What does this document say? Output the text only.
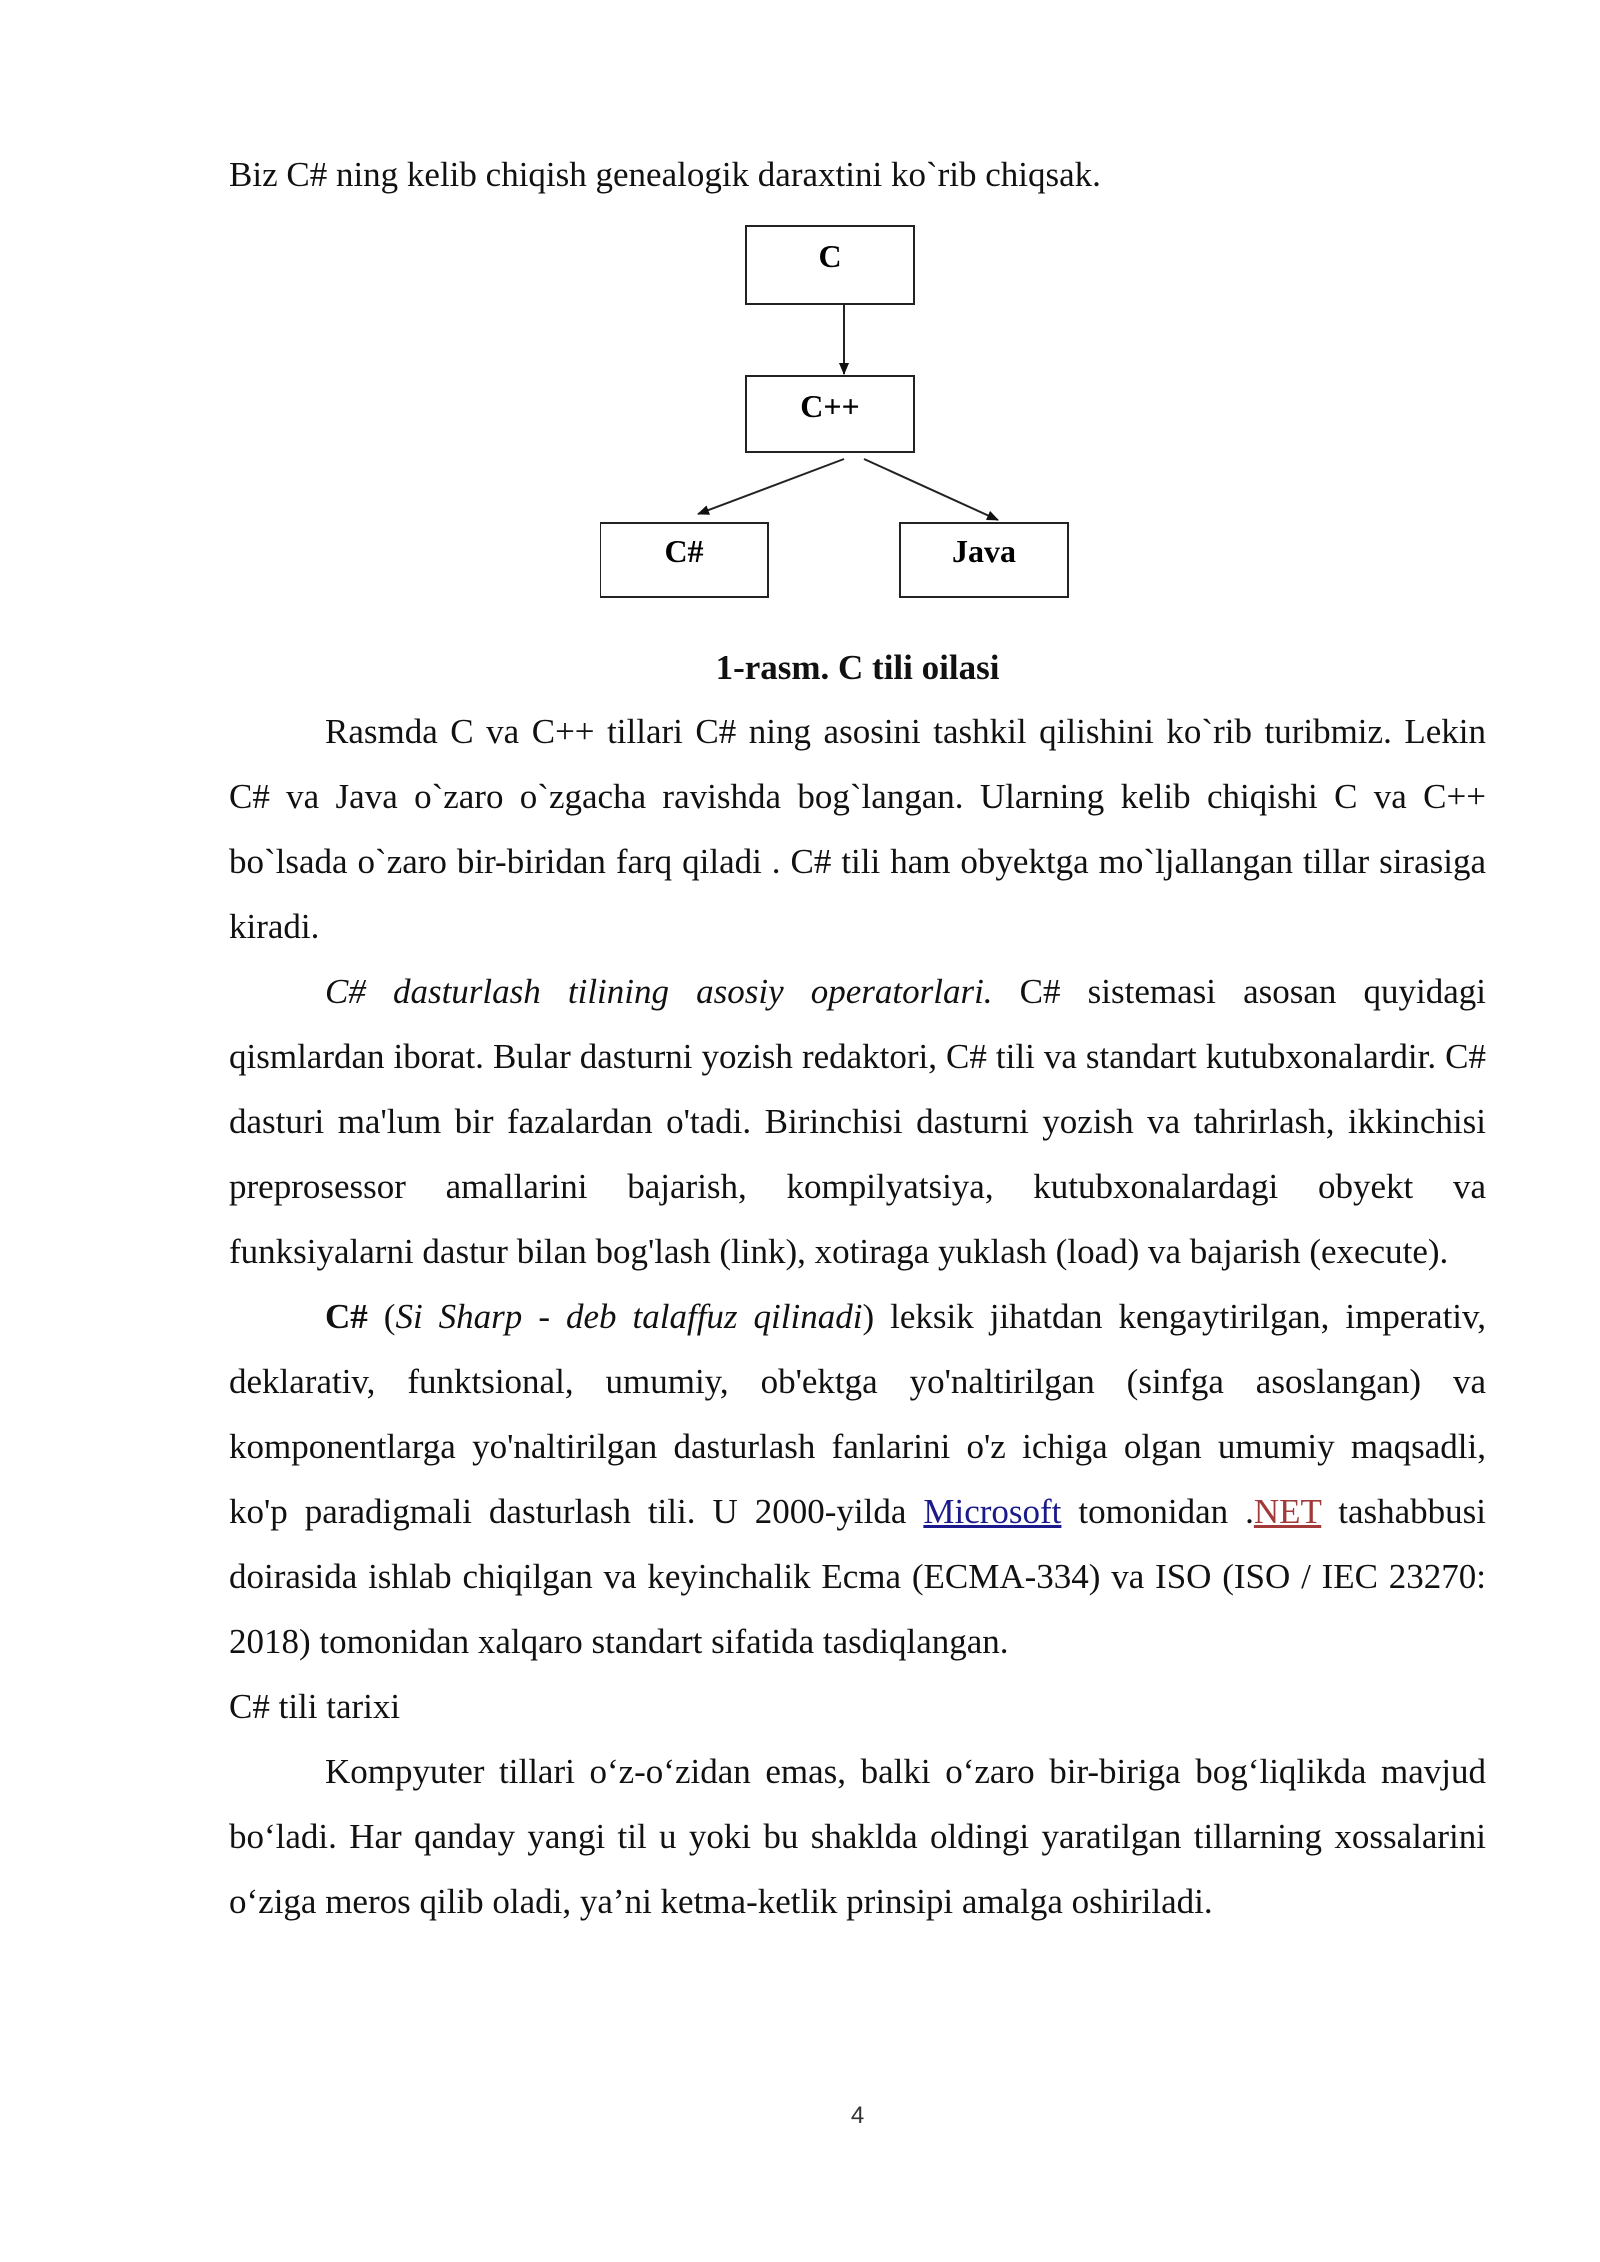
Biz C# ning kelib chiqish genealogik daraxtini ko`rib chiqsak.
C
C++
C#	Java
1-rasm. C tili oilasi

Rasmda C va C++ tillari C# ning asosini tashkil qilishini ko`rib turibmiz. Lekin C# va Java o`zaro o`zgacha ravishda bog`langan. Ularning kelib chiqishi C va C++ bo`lsada o`zaro bir-biridan farq qiladi . C# tili ham obyektga mo`ljallangan tillar sirasiga kiradi.

C# dasturlash tilining asosiy operatorlari. C# sistemasi asosan quyidagi qismlardan iborat. Bular dasturni yozish redaktori, C# tili va standart kutubxonalardir. C# dasturi ma'lum bir fazalardan o'tadi. Birinchisi dasturni yozish va tahrirlash, ikkinchisi preprosessor amallarini bajarish, kompilyatsiya, kutubxonalardagi obyekt va funksiyalarni dastur bilan bog'lash (link), xotiraga yuklash (load) va bajarish (execute).

C# (Si Sharp - deb talaffuz qilinadi) leksik jihatdan kengaytirilgan, imperativ, deklarativ, funktsional, umumiy, ob'ektga yo'naltirilgan (sinfga asoslangan) va komponentlarga yo'naltirilgan dasturlash fanlarini o'z ichiga olgan umumiy maqsadli, ko'p paradigmali dasturlash tili. U 2000-yilda Microsoft tomonidan .NET tashabbusi doirasida ishlab chiqilgan va keyinchalik Ecma (ECMA-334) va ISO (ISO / IEC 23270: 2018) tomonidan xalqaro standart sifatida tasdiqlangan.

C# tili tarixi

Kompyuter tillari o‘z-o‘zidan emas, balki o‘zaro bir-biriga bog‘liqlikda mavjud bo‘ladi. Har qanday yangi til u yoki bu shaklda oldingi yaratilgan tillarning xossalarini o‘ziga meros qilib oladi, ya’ni ketma-ketlik prinsipi amalga oshiriladi.

4
